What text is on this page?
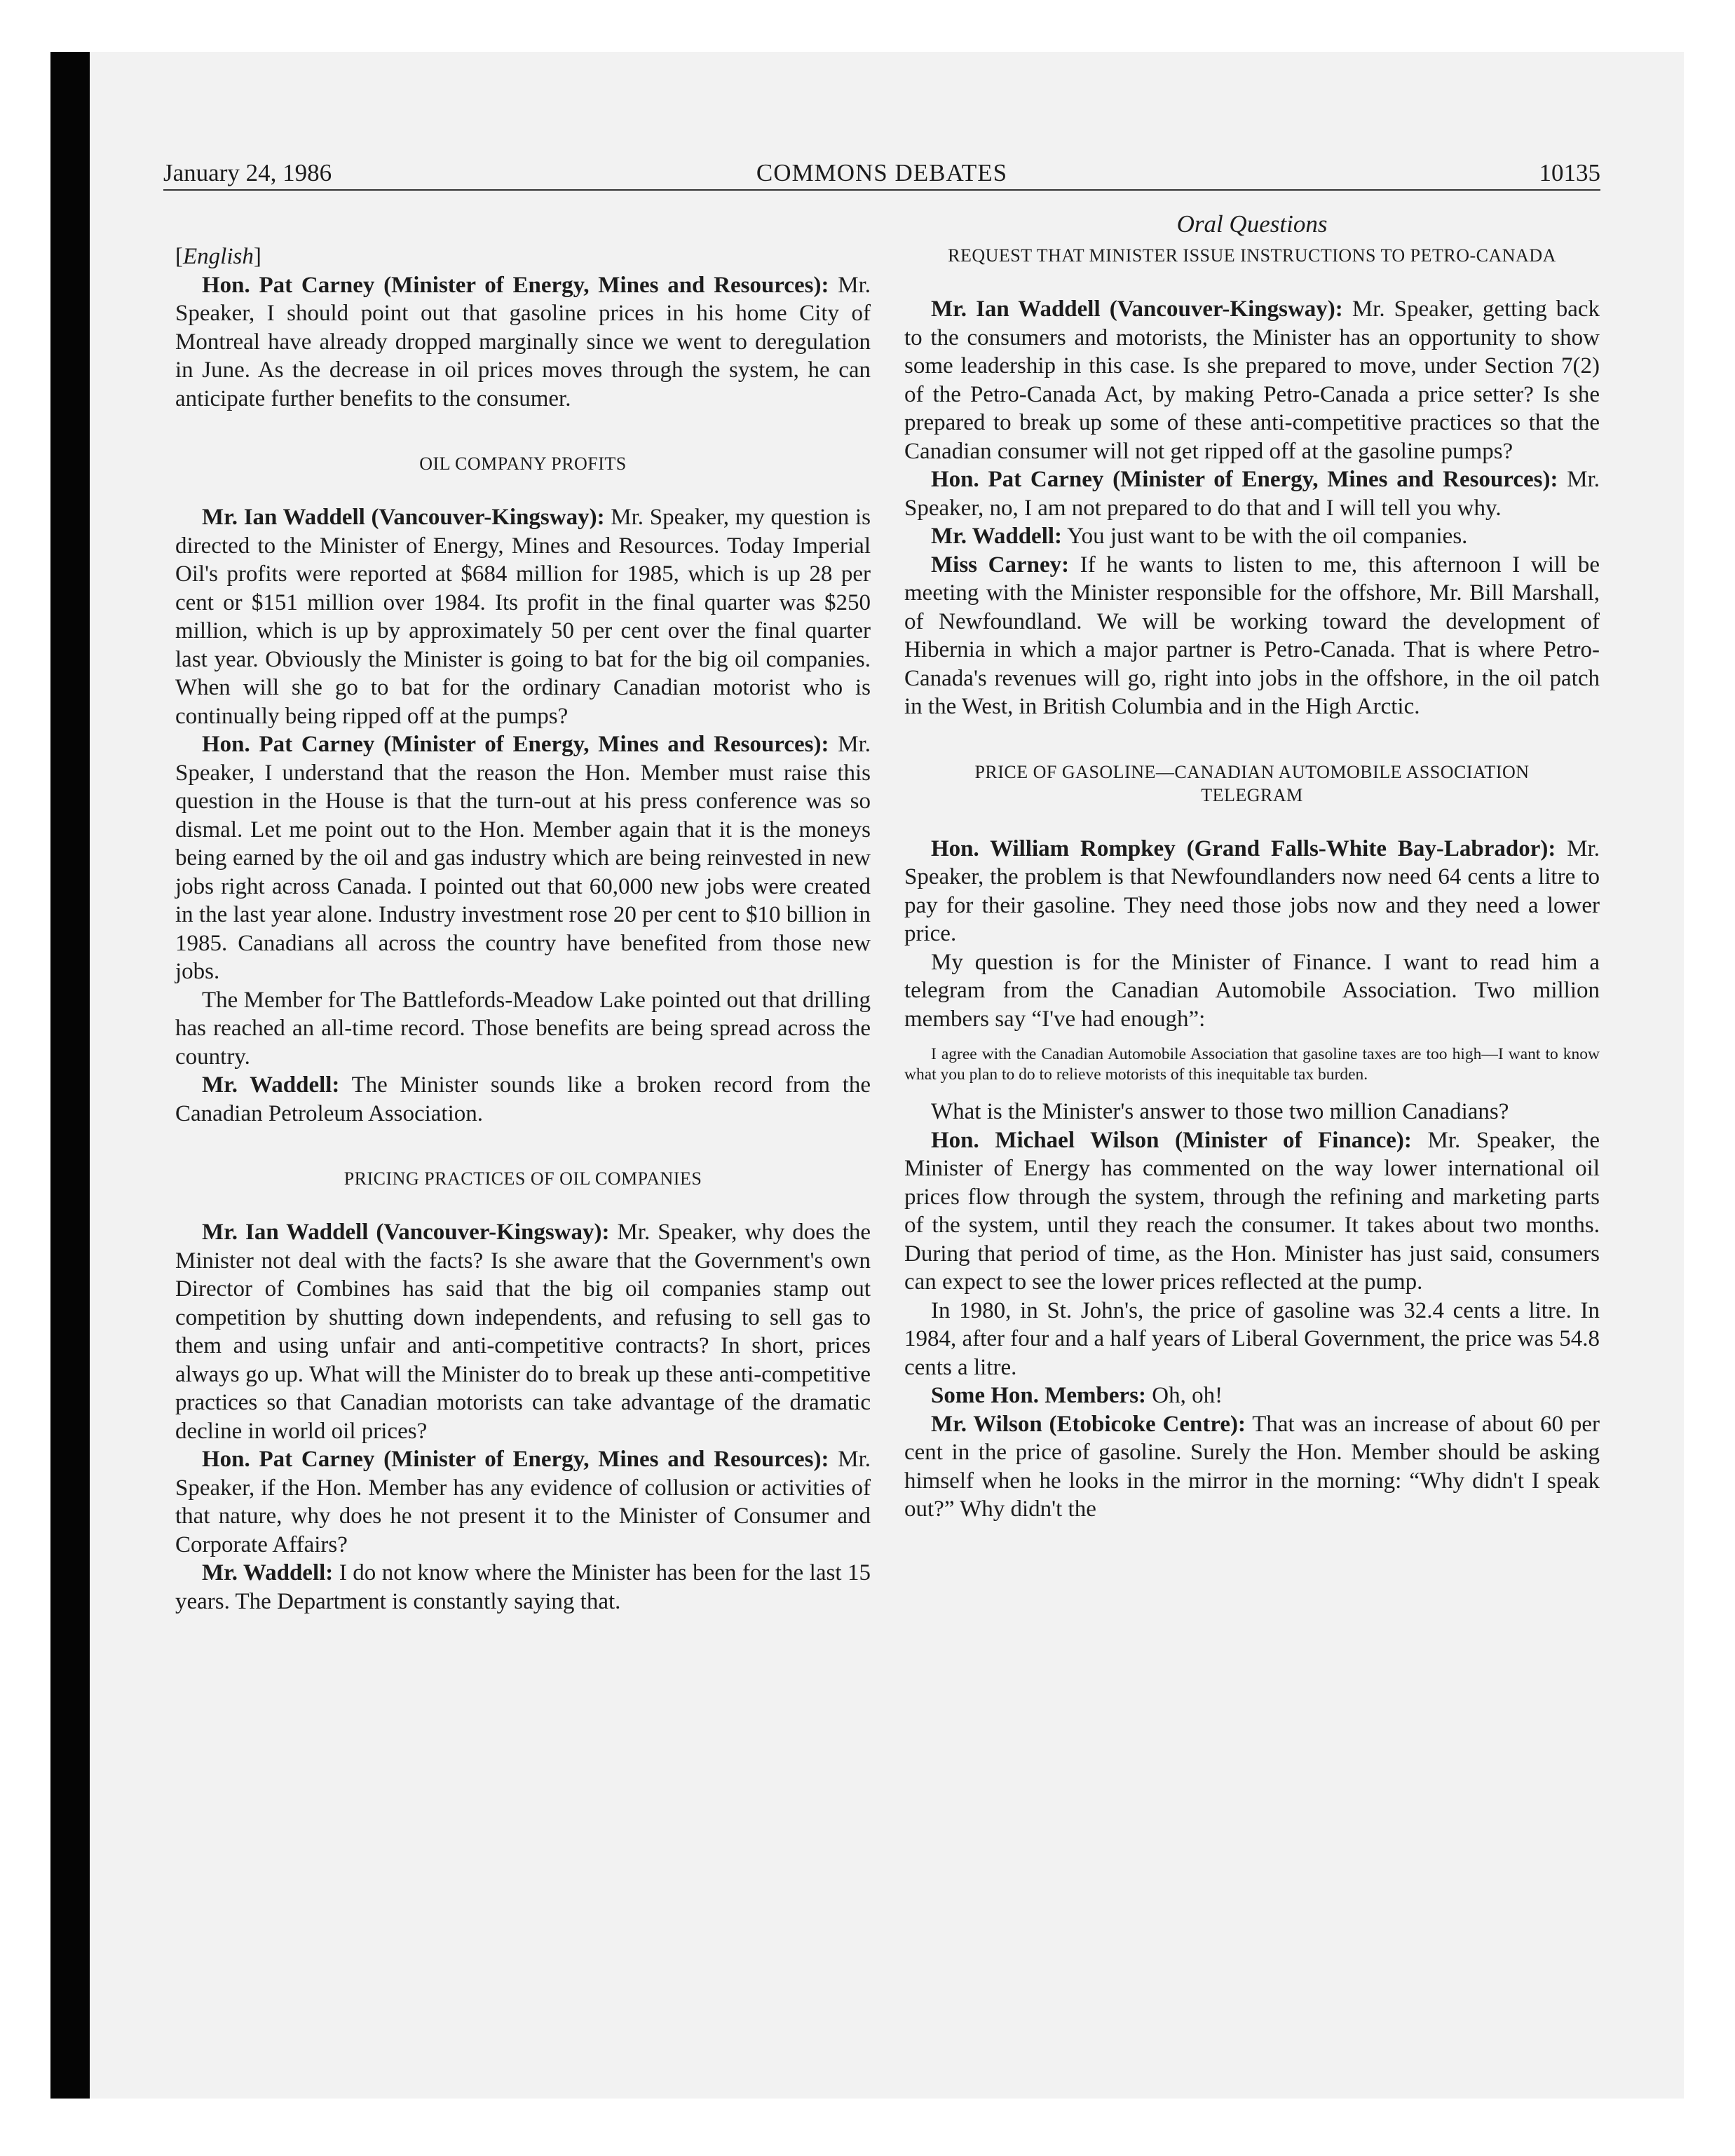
January 24, 1986	COMMONS DEBATES	10135

[English]

Hon. Pat Carney (Minister of Energy, Mines and Resources): Mr. Speaker, I should point out that gasoline prices in his home City of Montreal have already dropped marginally since we went to deregulation in June. As the decrease in oil prices moves through the system, he can anticipate further benefits to the consumer.

OIL COMPANY PROFITS

Mr. Ian Waddell (Vancouver-Kingsway): Mr. Speaker, my question is directed to the Minister of Energy, Mines and Resources. Today Imperial Oil's profits were reported at $684 million for 1985, which is up 28 per cent or $151 million over 1984. Its profit in the final quarter was $250 million, which is up by approximately 50 per cent over the final quarter last year. Obviously the Minister is going to bat for the big oil companies. When will she go to bat for the ordinary Canadian motorist who is continually being ripped off at the pumps?

Hon. Pat Carney (Minister of Energy, Mines and Resources): Mr. Speaker, I understand that the reason the Hon. Member must raise this question in the House is that the turn-out at his press conference was so dismal. Let me point out to the Hon. Member again that it is the moneys being earned by the oil and gas industry which are being reinvested in new jobs right across Canada. I pointed out that 60,000 new jobs were created in the last year alone. Industry investment rose 20 per cent to $10 billion in 1985. Canadians all across the country have benefited from those new jobs.

The Member for The Battlefords-Meadow Lake pointed out that drilling has reached an all-time record. Those benefits are being spread across the country.

Mr. Waddell: The Minister sounds like a broken record from the Canadian Petroleum Association.

PRICING PRACTICES OF OIL COMPANIES

Mr. Ian Waddell (Vancouver-Kingsway): Mr. Speaker, why does the Minister not deal with the facts? Is she aware that the Government's own Director of Combines has said that the big oil companies stamp out competition by shutting down independents, and refusing to sell gas to them and using unfair and anti-competitive contracts? In short, prices always go up. What will the Minister do to break up these anti-competitive practices so that Canadian motorists can take advantage of the dramatic decline in world oil prices?

Hon. Pat Carney (Minister of Energy, Mines and Resources): Mr. Speaker, if the Hon. Member has any evidence of collusion or activities of that nature, why does he not present it to the Minister of Consumer and Corporate Affairs?

Mr. Waddell: I do not know where the Minister has been for the last 15 years. The Department is constantly saying that.

Oral Questions

REQUEST THAT MINISTER ISSUE INSTRUCTIONS TO PETRO-CANADA

Mr. Ian Waddell (Vancouver-Kingsway): Mr. Speaker, getting back to the consumers and motorists, the Minister has an opportunity to show some leadership in this case. Is she prepared to move, under Section 7(2) of the Petro-Canada Act, by making Petro-Canada a price setter? Is she prepared to break up some of these anti-competitive practices so that the Canadian consumer will not get ripped off at the gasoline pumps?

Hon. Pat Carney (Minister of Energy, Mines and Resources): Mr. Speaker, no, I am not prepared to do that and I will tell you why.

Mr. Waddell: You just want to be with the oil companies.

Miss Carney: If he wants to listen to me, this afternoon I will be meeting with the Minister responsible for the offshore, Mr. Bill Marshall, of Newfoundland. We will be working toward the development of Hibernia in which a major partner is Petro-Canada. That is where Petro-Canada's revenues will go, right into jobs in the offshore, in the oil patch in the West, in British Columbia and in the High Arctic.

PRICE OF GASOLINE—CANADIAN AUTOMOBILE ASSOCIATION TELEGRAM

Hon. William Rompkey (Grand Falls-White Bay-Labrador): Mr. Speaker, the problem is that Newfoundlanders now need 64 cents a litre to pay for their gasoline. They need those jobs now and they need a lower price.

My question is for the Minister of Finance. I want to read him a telegram from the Canadian Automobile Association. Two million members say “I've had enough”:

I agree with the Canadian Automobile Association that gasoline taxes are too high—I want to know what you plan to do to relieve motorists of this inequitable tax burden.

What is the Minister's answer to those two million Canadians?

Hon. Michael Wilson (Minister of Finance): Mr. Speaker, the Minister of Energy has commented on the way lower international oil prices flow through the system, through the refining and marketing parts of the system, until they reach the consumer. It takes about two months. During that period of time, as the Hon. Minister has just said, consumers can expect to see the lower prices reflected at the pump.

In 1980, in St. John's, the price of gasoline was 32.4 cents a litre. In 1984, after four and a half years of Liberal Government, the price was 54.8 cents a litre.

Some Hon. Members: Oh, oh!

Mr. Wilson (Etobicoke Centre): That was an increase of about 60 per cent in the price of gasoline. Surely the Hon. Member should be asking himself when he looks in the mirror in the morning: “Why didn't I speak out?” Why didn't the
